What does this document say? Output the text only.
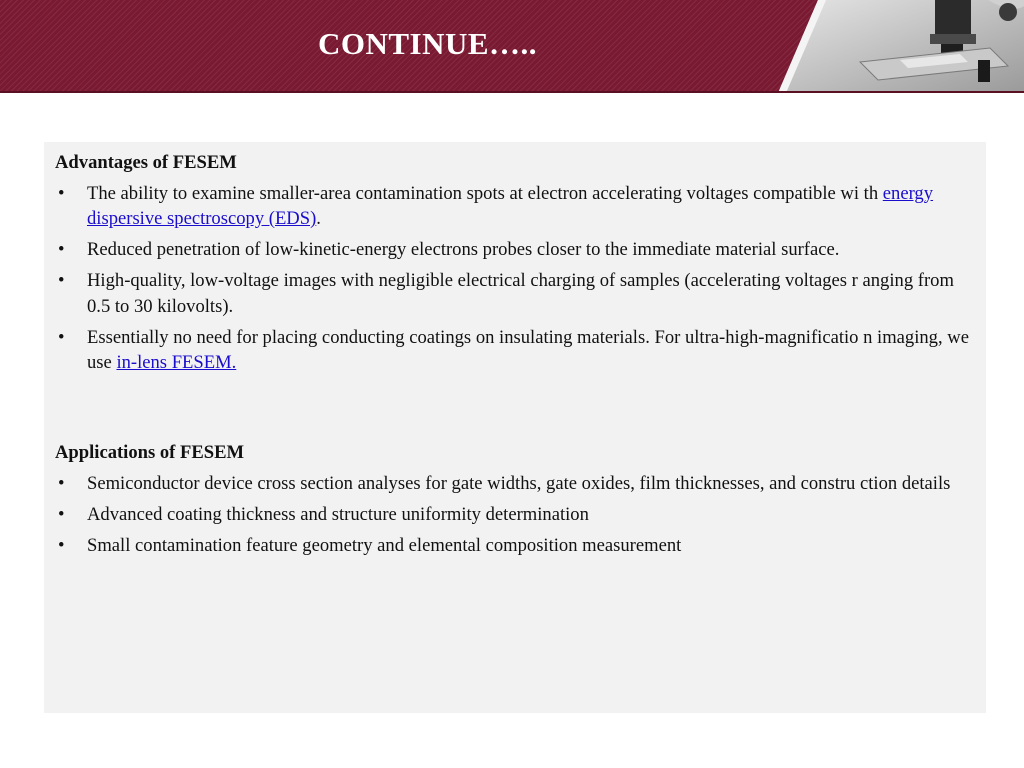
CONTINUE…..
Advantages of FESEM
• The ability to examine smaller-area contamination spots at electron accelerating voltages compatible wi th energy dispersive spectroscopy (EDS).
• Reduced penetration of low-kinetic-energy electrons probes closer to the immediate material surface.
• High-quality, low-voltage images with negligible electrical charging of samples (accelerating voltages r anging from 0.5 to 30 kilovolts).
• Essentially no need for placing conducting coatings on insulating materials. For ultra-high-magnificatio n imaging, we use in-lens FESEM.
Applications of FESEM
• Semiconductor device cross section analyses for gate widths, gate oxides, film thicknesses, and constru ction details
• Advanced coating thickness and structure uniformity determination
• Small contamination feature geometry and elemental composition measurement
